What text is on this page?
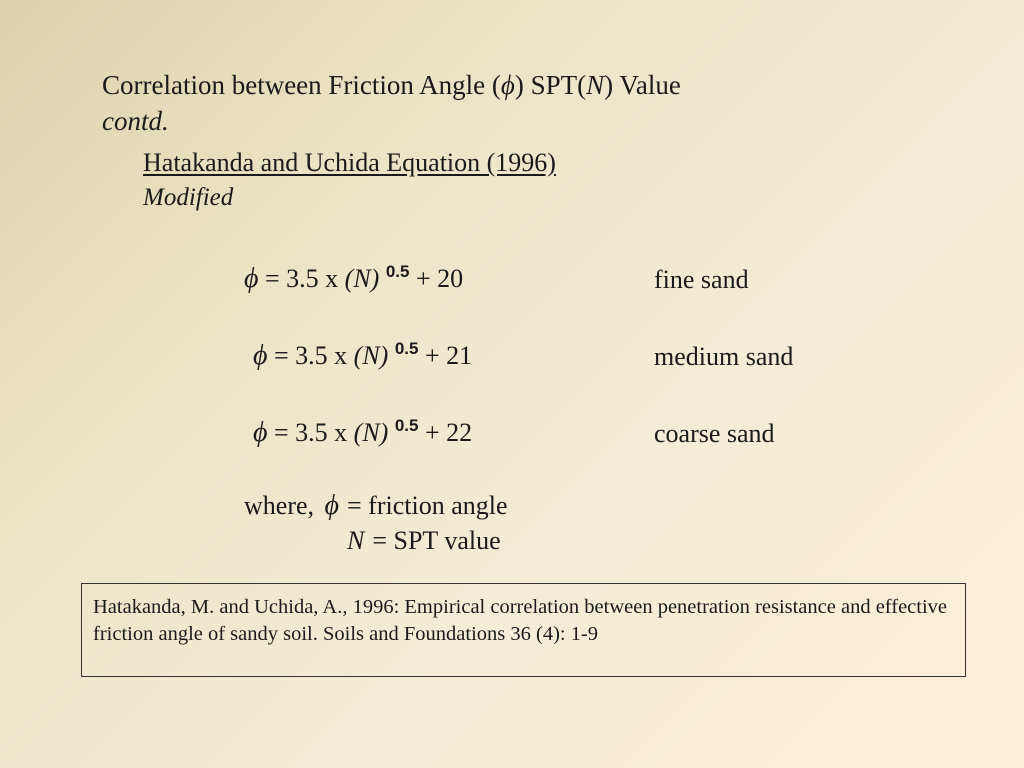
Correlation between Friction Angle (ϕ) SPT(N) Value
contd.
Hatakanda and Uchida Equation (1996)
Modified
ϕ = 3.5 x (N) $^{0.5}$ + 20	fine sand
ϕ = 3.5 x (N) $^{0.5}$ + 21	medium sand
ϕ = 3.5 x (N) $^{0.5}$ + 22	coarse sand
where, ϕ = friction angle
N = SPT value
Hatakanda, M. and Uchida, A., 1996: Empirical correlation between penetration resistance and effective friction angle of sandy soil. Soils and Foundations 36 (4): 1-9
